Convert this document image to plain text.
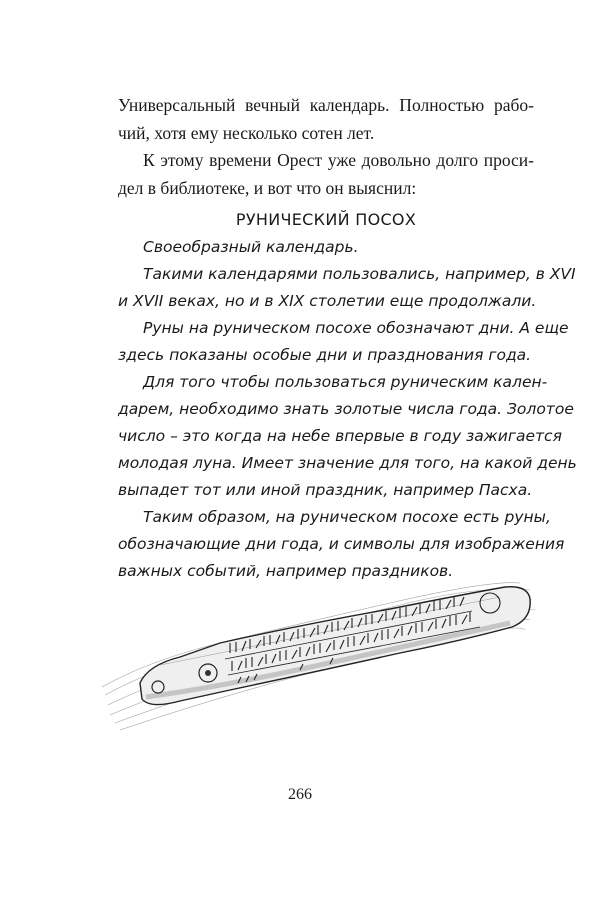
Универсальный вечный календарь. Полностью рабо-
чий, хотя ему несколько сотен лет.
К этому времени Орест уже довольно долго проси-
дел в библиотеке, и вот что он выяснил:
РУНИЧЕСКИЙ ПОСОХ
Своеобразный календарь.
Такими календарями пользовались, например, в XVI
и XVII веках, но и в XIX столетии еще продолжали.
Руны на руническом посохе обозначают дни. А еще
здесь показаны особые дни и празднования года.
Для того чтобы пользоваться руническим кален-
дарем, необходимо знать золотые числа года. Золотое
число – это когда на небе впервые в году зажигается
молодая луна. Имеет значение для того, на какой день
выпадет тот или иной праздник, например Пасха.
Таким образом, на руническом посохе есть руны,
обозначающие дни года, и символы для изображения
важных событий, например праздников.
266
